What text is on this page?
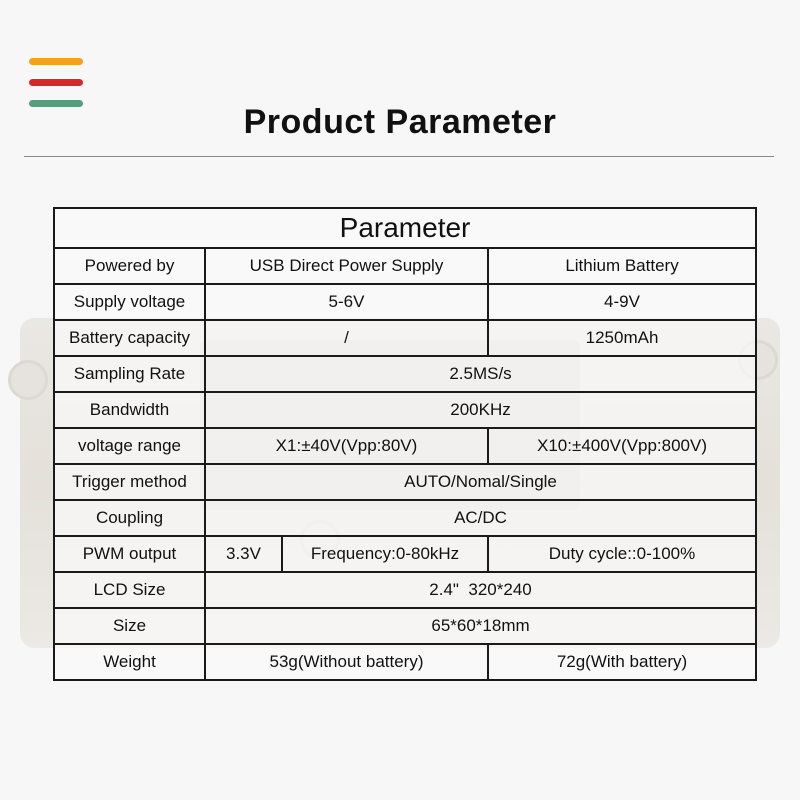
Product Parameter
Parameter			
Powered by	USB Direct Power Supply		Lithium Battery
Supply voltage	5-6V		4-9V
Battery capacity	/		1250mAh
Sampling Rate	2.5MS/s		
Bandwidth	200KHz		
voltage range	X1:±40V(Vpp:80V)		X10:±400V(Vpp:800V)
Trigger method	AUTO/Nomal/Single		
Coupling	AC/DC		
PWM output	3.3V	Frequency:0-80kHz	Duty cycle::0-100%
LCD Size	2.4"  320*240		
Size	65*60*18mm		
Weight	53g(Without battery)		72g(With battery)
